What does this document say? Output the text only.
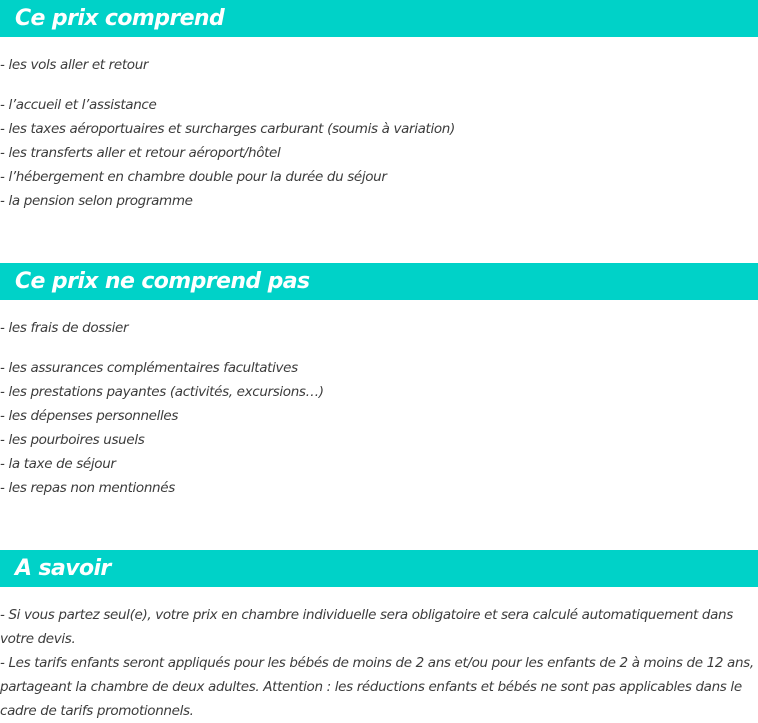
Ce prix comprend
- les vols aller et retour
- l’accueil et l’assistance
- les taxes aéroportuaires et surcharges carburant (soumis à variation)
- les transferts aller et retour aéroport/hôtel
- l’hébergement en chambre double pour la durée du séjour
- la pension selon programme
Ce prix ne comprend pas
- les frais de dossier
- les assurances complémentaires facultatives
- les prestations payantes (activités, excursions…)
- les dépenses personnelles
- les pourboires usuels
- la taxe de séjour
- les repas non mentionnés
A savoir

- Si vous partez seul(e), votre prix en chambre individuelle sera obligatoire et sera calculé automatiquement dans votre devis.

- Les tarifs enfants seront appliqués pour les bébés de moins de 2 ans et/ou pour les enfants de 2 à moins de 12 ans, partageant la chambre de deux adultes. Attention : les réductions enfants et bébés ne sont pas applicables dans le cadre de tarifs promotionnels.
